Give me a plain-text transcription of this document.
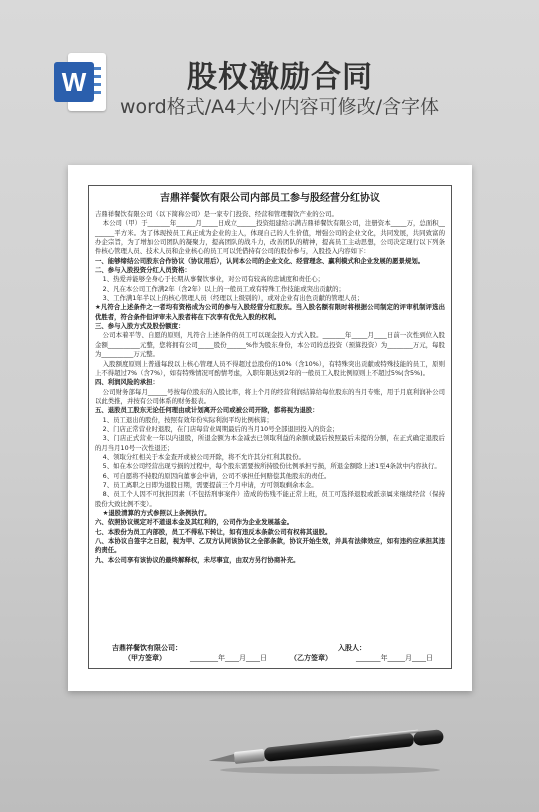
W	股权激励合同
word格式/A4大小/内容可修改/含字体
吉鼎祥餐饮有限公司内部员工参与股经营分红协议

吉鼎祥餐饮有限公司（以下简称公司）是一家专门投资、经营和管理餐饮产业的公司。

本公司（甲）于_______年______月_____日成立______投资组建给示满吉鼎祥餐饮有限公司，注册资本_____万，总面积________平方米。为了体现按员工真正成为企业的主人，体现自己的人生价值，增强公司的企业文化，共同发展，共同致富的办企宗旨，为了增加公司团队的凝聚力，提高团队的战斗力，改善团队的精神，提高员工主动思想，公司决定现行以下列条件核心管理人员、技术人员和企业核心的员工可以凭借持有公司的股份参与，入股投入内容如下：

一、能够缔结公司股东合作协议（协议用后），认同本公司的企业文化、经营理念、赢利模式和企业发展的愿景规划。

二、参与入股投资分红人员资格：

1、热爱并能够全身心于长期从事餐饮事业，对公司有较高的忠诚度和责任心；

2、凡在本公司工作满2年（含2年）以上的一般员工或有特殊工作技能或突出贡献的；

3、工作满1年半以上的核心管理人员（经理以上级别的），或对企业有出色贡献的管理人员；

★凡符合上述条件之一者均有资格成为公司的参与入股经营分红股东。当入股名额有限时将根据公司制定的评审机制评选出优胜者，符合条件但评审未入股者将在下次享有优先入股的权利。

三、参与入股方式及股份额度：

公司本着平等、自愿的原则，凡符合上述条件的员工可以现金投入方式入股。_______年_____月____日前一次性到位入股金额__________元整，您将拥有公司_____股份______%作为股东身份，本公司的总投资（预算投资）为________万元，每股为__________万元整。

入股额度原则上普通每段以上核心管理人员不得超过总股份的10%（含10%），有特殊突出贡献或特殊技能的员工，原则上不得超过7%（含7%），如有特殊情况可酌情考虑，入职年限达到2年的一般员工入股比例原则上不超过5%(含5%)。

四、利润风险的承担：

公司财务部每月______号按每位股东的入股比率，将上个月的经营利润结算给每位股东的当月专账，用于月底利润补公司以此类推，并按有公司体系的财务报表。

五、退股员工股东无论任何理由或计划离开公司或被公司开除，都将视为退股：

1、员工退出的股份，按照有效年份实际利润平均比例核算；

2、门店正常营业时退股，在门店每营业周期最后的当月10号全部退回投入的资金；

3、门店正式营业一年以内退股，所退金额为本金减去已领取利益的余额或最后按照最后未提的分额，在正式确定退股后的月当月10号一次性退还；

4、领取分红相关于本金查开或被公司开除，将不允许其分红利其股份。

5、如在本公司经营出现亏损的过程中，每个股东需要按所持股份比例承担亏损，所退金额除上述1至4条款中内容执行。

6、可自愿将不持股的原因向董事会申请，公司不承担任何赔偿其他股东的责任。

7、员工离职之日即为退股日期，需要提前三个月申请，方可领取剩余本金。

8、员工个人因不可抗拒因素（不包括刑事案件）造成的伤残不能正常上班，员工可选择退股或派亲属来继续经营（保持股份大致比例不变）。

★退股清算的方式参照以上条例执行。

六、依照协议规定对不道退本金及其红利的，公司作为企业发展基金。

七、本股份为员工内部股，员工不得私下转让，如有违反本条款公司有权将其退股。

八、本协议自签字之日起，视为甲、乙双方认同该协议之全部条款，协议开始生效，并具有法律效应，如有违约应承担其违约责任。

九、本公司享有该协议的最终解释权，未尽事宜，由双方另行协商补充。

吉鼎祥餐饮有限公司：
（甲方签章）	________年____月____日
入股人：
（乙方签章）	_______年_____月____日
